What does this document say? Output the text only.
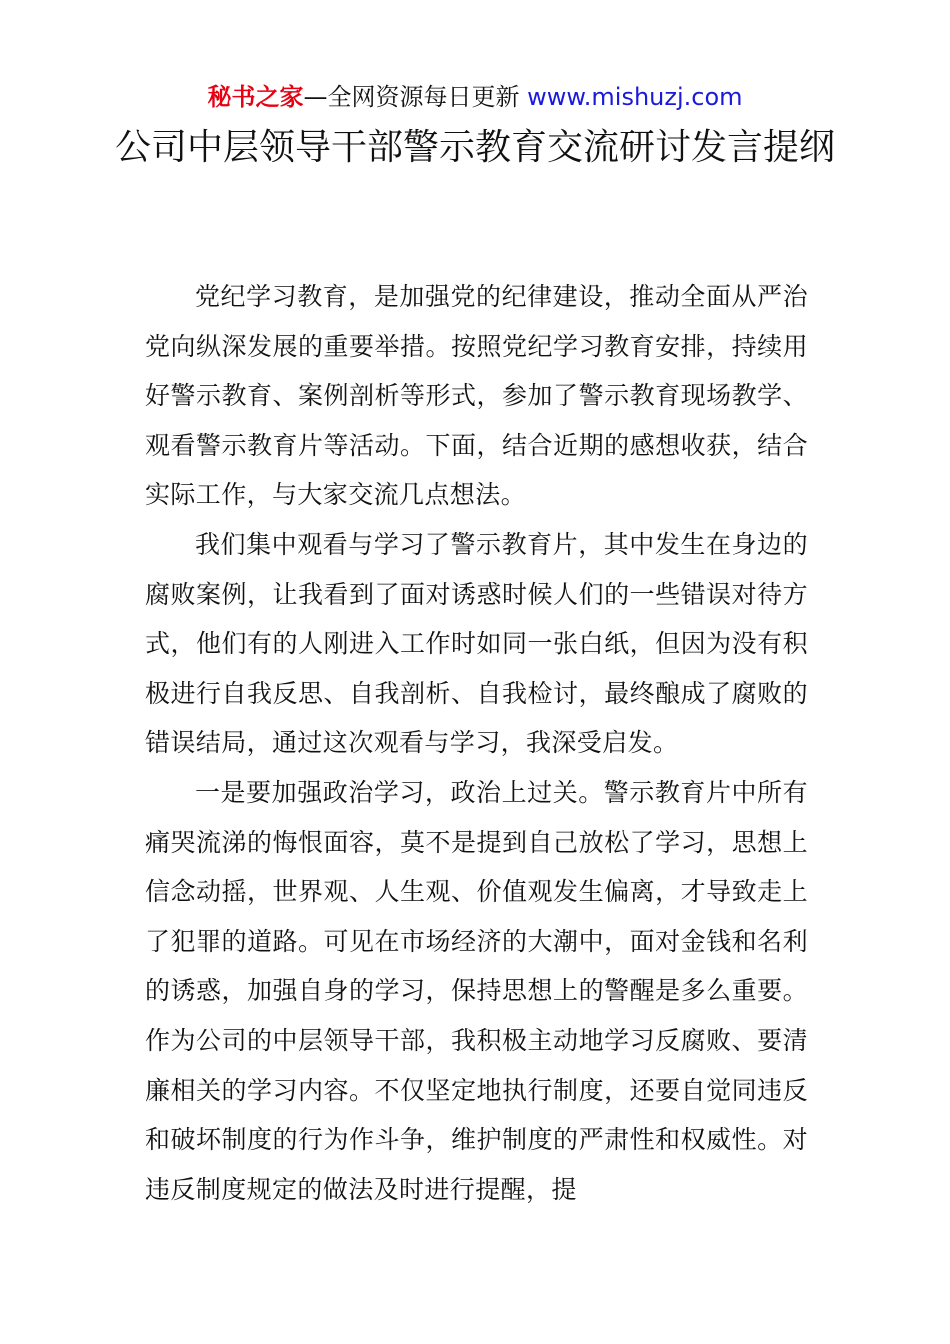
秘书之家—全网资源每日更新 www.mishuzj.com
公司中层领导干部警示教育交流研讨发言提纲

党纪学习教育，是加强党的纪律建设，推动全面从严治党向纵深发展的重要举措。按照党纪学习教育安排，持续用好警示教育、案例剖析等形式，参加了警示教育现场教学、观看警示教育片等活动。下面，结合近期的感想收获，结合实际工作，与大家交流几点想法。

我们集中观看与学习了警示教育片，其中发生在身边的腐败案例，让我看到了面对诱惑时候人们的一些错误对待方式，他们有的人刚进入工作时如同一张白纸，但因为没有积极进行自我反思、自我剖析、自我检讨，最终酿成了腐败的错误结局，通过这次观看与学习，我深受启发。

一是要加强政治学习，政治上过关。警示教育片中所有痛哭流涕的悔恨面容，莫不是提到自己放松了学习，思想上信念动摇，世界观、人生观、价值观发生偏离，才导致走上了犯罪的道路。可见在市场经济的大潮中，面对金钱和名利的诱惑，加强自身的学习，保持思想上的警醒是多么重要。作为公司的中层领导干部，我积极主动地学习反腐败、要清廉相关的学习内容。不仅坚定地执行制度，还要自觉同违反和破坏制度的行为作斗争，维护制度的严肃性和权威性。对违反制度规定的做法及时进行提醒，提
